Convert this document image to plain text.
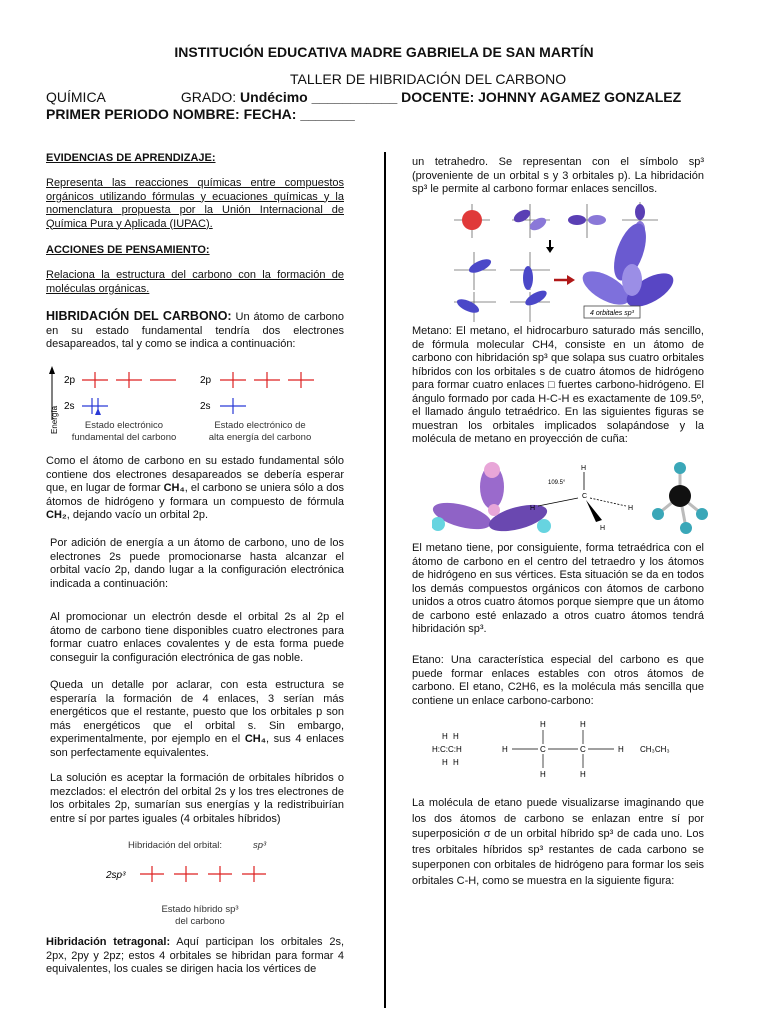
INSTITUCIÓN EDUCATIVA MADRE GABRIELA DE SAN MARTÍN
TALLER DE HIBRIDACIÓN DEL CARBONO
QUÍMICA	GRADO: Undécimo ___________ DOCENTE: JOHNNY AGAMEZ GONZALEZ
PRIMER PERIODO NOMBRE: FECHA: _______
EVIDENCIAS DE APRENDIZAJE:
Representa las reacciones químicas entre compuestos orgánicos utilizando fórmulas y ecuaciones químicas y la nomenclatura propuesta por la Unión Internacional de Química Pura y Aplicada (IUPAC).
ACCIONES DE PENSAMIENTO:
Relaciona la estructura del carbono con la formación de moléculas orgánicas.
HIBRIDACIÓN DEL CARBONO: Un átomo de carbono en su estado fundamental tendría dos electrones desapareados, tal y como se indica a continuación:
Energía
2p
2s
2p
2s
Estado electrónico
fundamental del carbono
Estado electrónico de
alta energía del carbono
Como el átomo de carbono en su estado fundamental sólo contiene dos electrones desapareados se debería esperar que, en lugar de formar CH₄, el carbono se uniera sólo a dos átomos de hidrógeno y formara un compuesto de fórmula CH₂, dejando vacío un orbital 2p.
Por adición de energía a un átomo de carbono, uno de los electrones 2s puede promocionarse hasta alcanzar el orbital vacío 2p, dando lugar a la configuración electrónica indicada a continuación:
Al promocionar un electrón desde el orbital 2s al 2p el átomo de carbono tiene disponibles cuatro electrones para formar cuatro enlaces covalentes y de esta forma puede conseguir la configuración electrónica de gas noble.
Queda un detalle por aclarar, con esta estructura se esperaría la formación de 4 enlaces, 3 serían más energéticos que el restante, puesto que los orbitales p son más energéticos que el orbital s. Sin embargo, experimentalmente, por ejemplo en el CH₄, sus 4 enlaces son perfectamente equivalentes.
La solución es aceptar la formación de orbitales híbridos o mezclados: el electrón del orbital 2s y los tres electrones de los orbitales 2p, sumarían sus energías y la redistribuirían entre sí por partes iguales (4 orbitales híbridos)
Hibridación del orbital:	sp³
2sp³
Estado híbrido sp³
del carbono
Hibridación tetragonal: Aquí participan los orbitales 2s, 2px, 2py y 2pz; estos 4 orbitales se hibridan para formar 4 equivalentes, los cuales se dirigen hacia los vértices de
un tetrahedro. Se representan con el símbolo sp³ (proveniente de un orbital s y 3 orbitales p). La hibridación sp³ le permite al carbono formar enlaces sencillos.
4 orbitales sp³
Metano: El metano, el hidrocarburo saturado más sencillo, de fórmula molecular CH4, consiste en un átomo de carbono con hibridación sp³ que solapa sus cuatro orbitales híbridos con los orbitales s de cuatro átomos de hidrógeno para formar cuatro enlaces □ fuertes carbono-hidrógeno. El ángulo formado por cada H-C-H es exactamente de 109.5º, el llamado ángulo tetraédrico. En las siguientes figuras se muestran los orbitales implicados solapándose y la molécula de metano en proyección de cuña:
H
C
H	H
H
109.5°
El metano tiene, por consiguiente, forma tetraédrica con el átomo de carbono en el centro del tetraedro y los átomos de hidrógeno en sus vértices. Esta situación se da en todos los demás compuestos orgánicos con átomos de carbono unidos a otros cuatro átomos porque siempre que un átomo de carbono esté enlazado a otros cuatro átomos tendrá hibridación sp³.
Etano: Una característica especial del carbono es que puede formar enlaces estables con otros átomos de carbono. El etano, C2H6, es la molécula más sencilla que contiene un enlace carbono-carbono:
H H
H:C:C:H
H H
H	H
H	C	C	H
H	H
CH₃CH₃
La molécula de etano puede visualizarse imaginando que los dos átomos de carbono se enlazan entre sí por superposición σ de un orbital híbrido sp³ de cada uno. Los tres orbitales híbridos sp³ restantes de cada carbono se superponen con orbitales de hidrógeno para formar los seis orbitales C-H, como se muestra en la siguiente figura:
